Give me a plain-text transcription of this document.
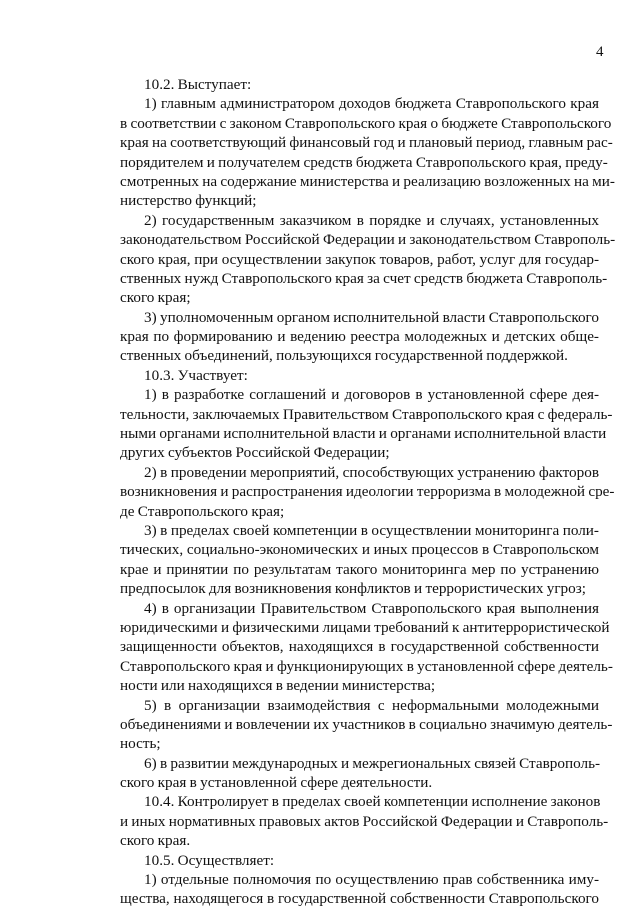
4
10.2. Выступает:
1) главным администратором доходов бюджета Ставропольского края
в соответствии с законом Ставропольского края о бюджете Ставропольского
края на соответствующий финансовый год и плановый период, главным рас-
порядителем и получателем средств бюджета Ставропольского края, преду-
смотренных на содержание министерства и реализацию возложенных на ми-
нистерство функций;
2) государственным заказчиком в порядке и случаях, установленных
законодательством Российской Федерации и законодательством Ставрополь-
ского края, при осуществлении закупок товаров, работ, услуг для государ-
ственных нужд Ставропольского края за счет средств бюджета Ставрополь-
ского края;
3) уполномоченным органом исполнительной власти Ставропольского
края по формированию и ведению реестра молодежных и детских обще-
ственных объединений, пользующихся государственной поддержкой.
10.3. Участвует:
1) в разработке соглашений и договоров в установленной сфере дея-
тельности, заключаемых Правительством Ставропольского края с федераль-
ными органами исполнительной власти и органами исполнительной власти
других субъектов Российской Федерации;
2) в проведении мероприятий, способствующих устранению факторов
возникновения и распространения идеологии терроризма в молодежной сре-
де Ставропольского края;
3) в пределах своей компетенции в осуществлении мониторинга поли-
тических, социально-экономических и иных процессов в Ставропольском
крае и принятии по результатам такого мониторинга мер по устранению
предпосылок для возникновения конфликтов и террористических угроз;
4) в организации Правительством Ставропольского края выполнения
юридическими и физическими лицами требований к антитеррористической
защищенности объектов, находящихся в государственной собственности
Ставропольского края и функционирующих в установленной сфере деятель-
ности или находящихся в ведении министерства;
5) в организации взаимодействия с неформальными молодежными
объединениями и вовлечении их участников в социально значимую деятель-
ность;
6) в развитии международных и межрегиональных связей Ставрополь-
ского края в установленной сфере деятельности.
10.4. Контролирует в пределах своей компетенции исполнение законов
и иных нормативных правовых актов Российской Федерации и Ставрополь-
ского края.
10.5. Осуществляет:
1) отдельные полномочия по осуществлению прав собственника иму-
щества, находящегося в государственной собственности Ставропольского
